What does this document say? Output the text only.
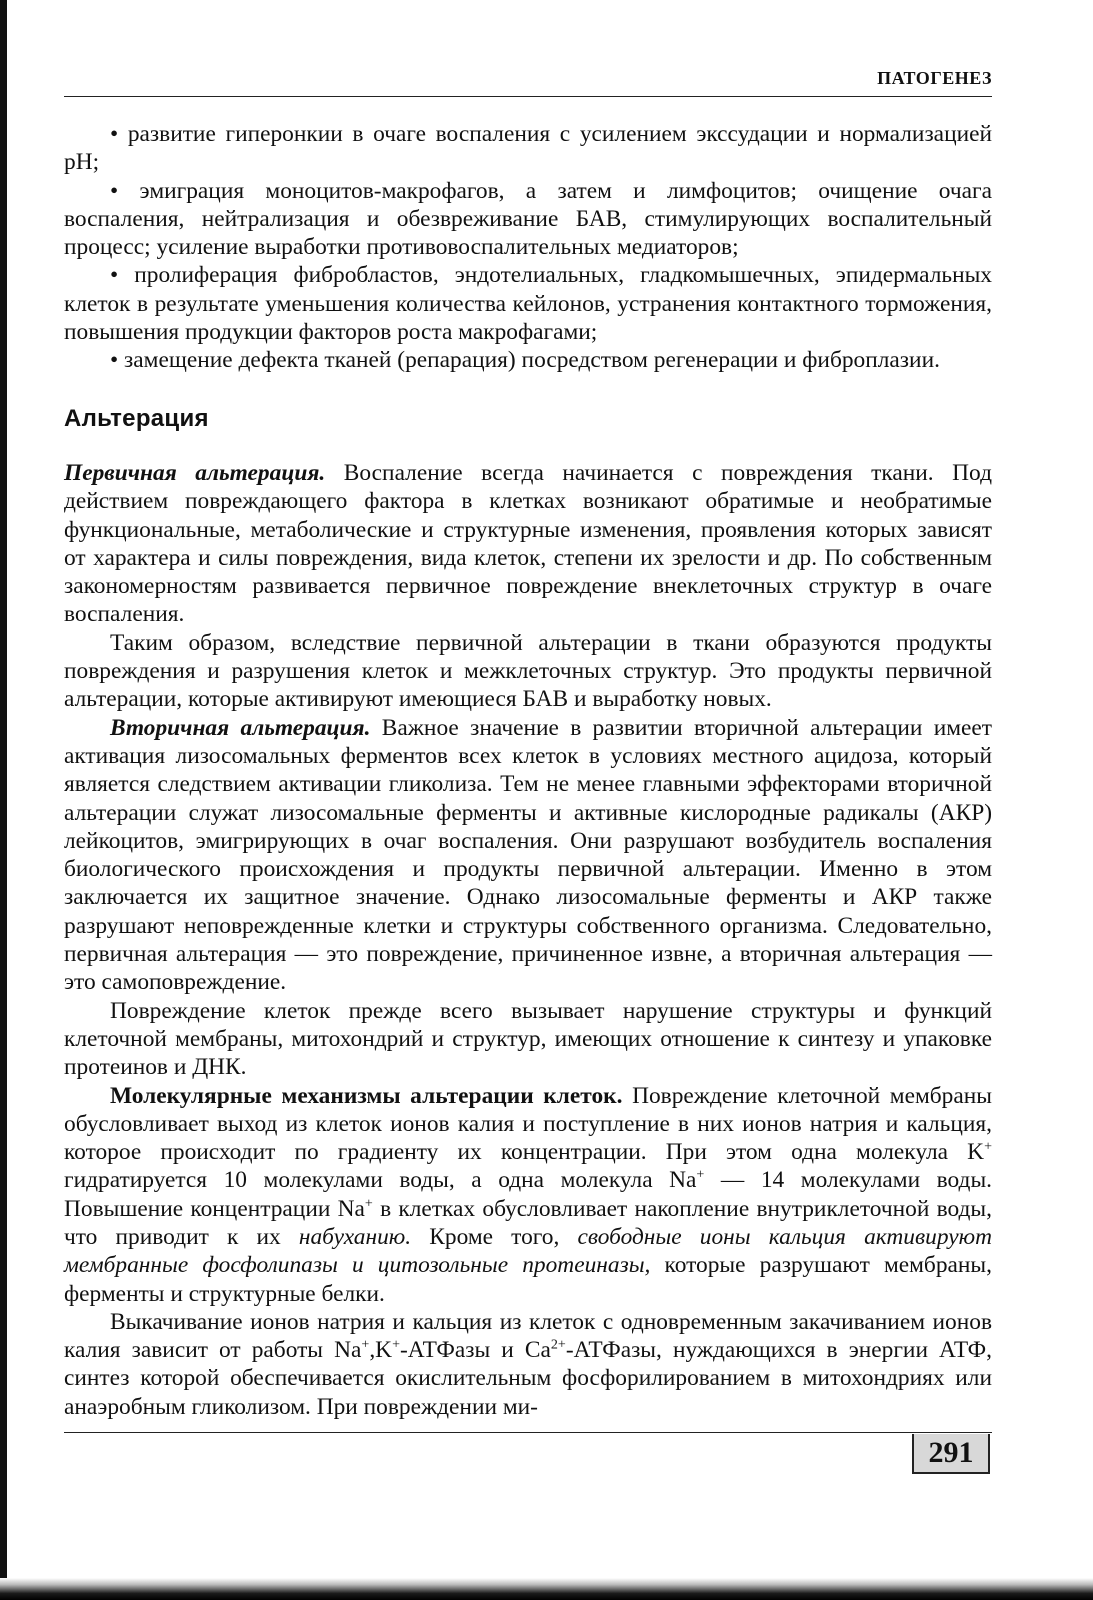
ПАТОГЕНЕЗ

• развитие гиперонкии в очаге воспаления с усилением экссудации и нормализацией pH;

• эмиграция моноцитов-макрофагов, а затем и лимфоцитов; очищение очага воспаления, нейтрализация и обезвреживание БАВ, стимулирующих воспалительный процесс; усиление выработки противовоспалительных медиаторов;

• пролиферация фибробластов, эндотелиальных, гладкомышечных, эпидермальных клеток в результате уменьшения количества кейлонов, устранения контактного торможения, повышения продукции факторов роста макрофагами;

• замещение дефекта тканей (репарация) посредством регенерации и фиброплазии.

Альтерация

Первичная альтерация. Воспаление всегда начинается с повреждения ткани. Под действием повреждающего фактора в клетках возникают обратимые и необратимые функциональные, метаболические и структурные изменения, проявления которых зависят от характера и силы повреждения, вида клеток, степени их зрелости и др. По собственным закономерностям развивается первичное повреждение внеклеточных структур в очаге воспаления.

Таким образом, вследствие первичной альтерации в ткани образуются продукты повреждения и разрушения клеток и межклеточных структур. Это продукты первичной альтерации, которые активируют имеющиеся БАВ и выработку новых.

Вторичная альтерация. Важное значение в развитии вторичной альтерации имеет активация лизосомальных ферментов всех клеток в условиях местного ацидоза, который является следствием активации гликолиза. Тем не менее главными эффекторами вторичной альтерации служат лизосомальные ферменты и активные кислородные радикалы (АКР) лейкоцитов, эмигрирующих в очаг воспаления. Они разрушают возбудитель воспаления биологического происхождения и продукты первичной альтерации. Именно в этом заключается их защитное значение. Однако лизосомальные ферменты и АКР также разрушают неповрежденные клетки и структуры собственного организма. Следовательно, первичная альтерация — это повреждение, причиненное извне, а вторичная альтерация — это самоповреждение.

Повреждение клеток прежде всего вызывает нарушение структуры и функций клеточной мембраны, митохондрий и структур, имеющих отношение к синтезу и упаковке протеинов и ДНК.

Молекулярные механизмы альтерации клеток. Повреждение клеточной мембраны обусловливает выход из клеток ионов калия и поступление в них ионов натрия и кальция, которое происходит по градиенту их концентрации. При этом одна молекула K+ гидратируется 10 молекулами воды, а одна молекула Na+ — 14 молекулами воды. Повышение концентрации Na+ в клетках обусловливает накопление внутриклеточной воды, что приводит к их набуханию. Кроме того, свободные ионы кальция активируют мембранные фосфолипазы и цитозольные протеиназы, которые разрушают мембраны, ферменты и структурные белки.

Выкачивание ионов натрия и кальция из клеток с одновременным закачиванием ионов калия зависит от работы Na+,K+-АТФазы и $Ca^{2+}$-АТФазы, нуждающихся в энергии АТФ, синтез которой обеспечивается окислительным фосфорилированием в митохондриях или анаэробным гликолизом. При повреждении ми-

291
